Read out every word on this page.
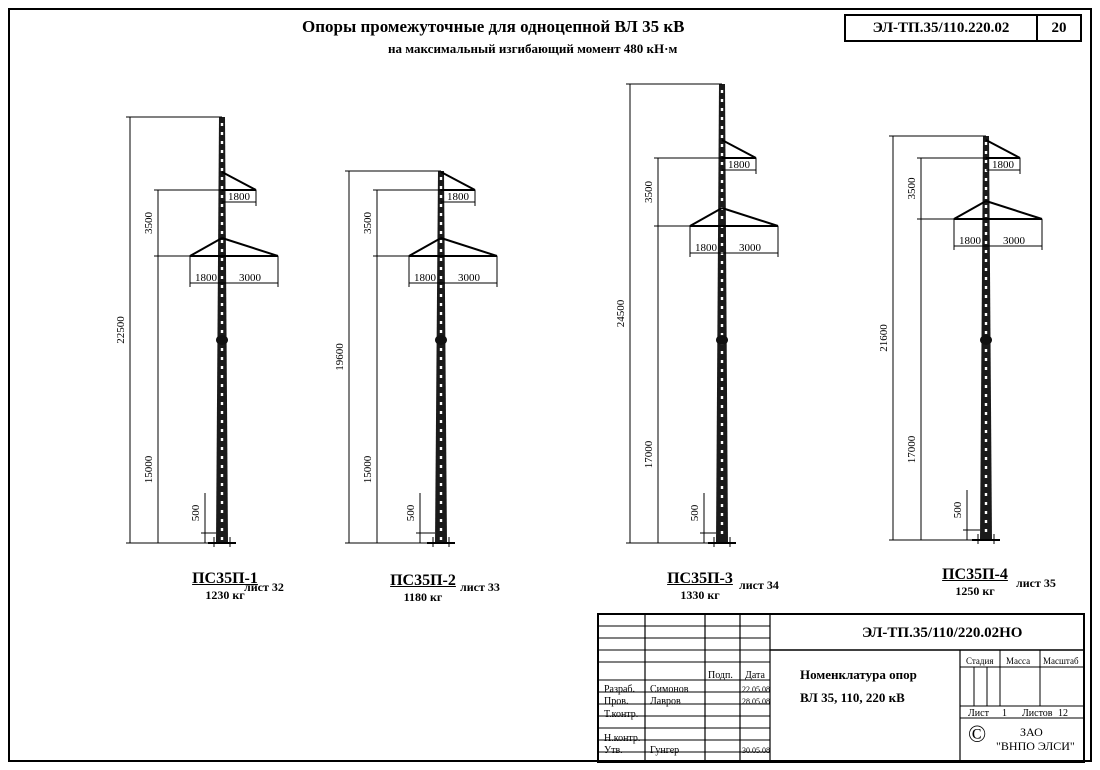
Опоры промежуточные для одноцепной ВЛ 35 кВ
на максимальный изгибающий момент 480 кН·м
ЭЛ-ТП.35/110.220.02	20
1800
1800 3000
22500
3500
15000
500
1800
1800 3000
19600
3500
15000
500
1800
1800 3000
24500
3500
17000
500
1800
1800 3000
21600
3500
17000
500
ПС35П-1
1230 кг
лист 32	ПС35П-2
1180 кг
лист 33	ПС35П-3
1330 кг
лист 34
ПС35П-4
1250 кг
лист 35
ЭЛ-ТП.35/110/220.02НО
Номенклатура опор
ВЛ 35, 110, 220 кВ
Подп. Дата
Разраб. Симонов	22.05.08
Пров. Лавров	28.05.08
Т.контр.
Н.контр.
Утв.	Гунгер	30.05.08
Стадия Масса Масштаб
Лист 1 Листов 12
©	ЗАО
"ВНПО ЭЛСИ"
